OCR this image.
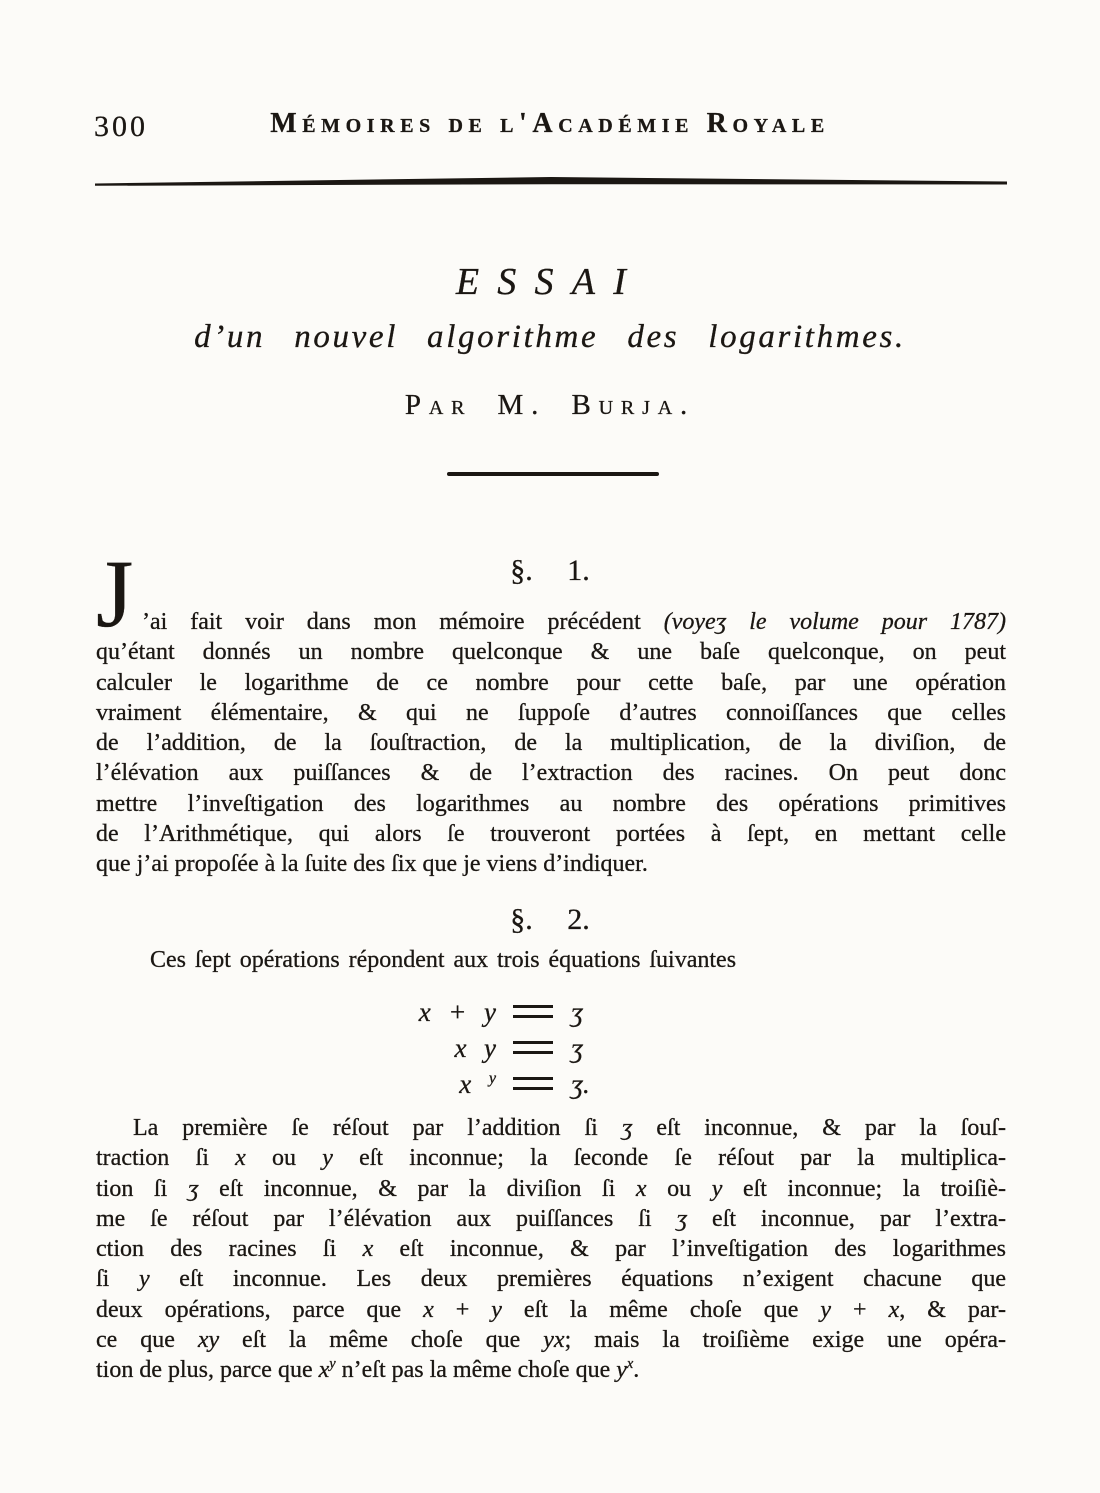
300	Mémoires de l'Académie Royale
ESSAI
d’un nouvel algorithme des logarithmes.
Par M. Burja.
§. 1.
J ’ai fait voir dans mon mémoire précédent (voyeʒ le volume pour 1787)
qu’étant donnés un nombre quelconque & une baſe quelconque, on peut
calculer le logarithme de ce nombre pour cette baſe, par une opération
vraiment élémentaire, & qui ne ſuppoſe d’autres connoiſſances que celles
de l’addition, de la ſouſtraction, de la multiplication, de la diviſion, de
l’élévation aux puiſſances & de l’extraction des racines. On peut donc
mettre l’inveſtigation des logarithmes au nombre des opérations primitives
de l’Arithmétique, qui alors ſe trouveront portées à ſept, en mettant celle
que j’ai propoſée à la ſuite des ſix que je viens d’indiquer.
§. 2.
Ces ſept opérations répondent aux trois équations ſuivantes
x + y	ʒ
x y	ʒ
x $^y$	ʒ.
La première ſe réſout par l’addition ſi ʒ eſt inconnue, & par la ſouſ-
traction ſi x ou y eſt inconnue; la ſeconde ſe réſout par la multiplica-
tion ſi ʒ eſt inconnue, & par la diviſion ſi x ou y eſt inconnue; la troiſiè-
me ſe réſout par l’élévation aux puiſſances ſi ʒ eſt inconnue, par l’extra-
ction des racines ſi x eſt inconnue, & par l’inveſtigation des logarithmes
ſi y eſt inconnue. Les deux premières équations n’exigent chacune que
deux opérations, parce que x + y eſt la même choſe que y + x, & par-
ce que xy eſt la même choſe que yx; mais la troiſième exige une opéra-
tion de plus, parce que $x^y$ n’eſt pas la même choſe que $y^x$.
